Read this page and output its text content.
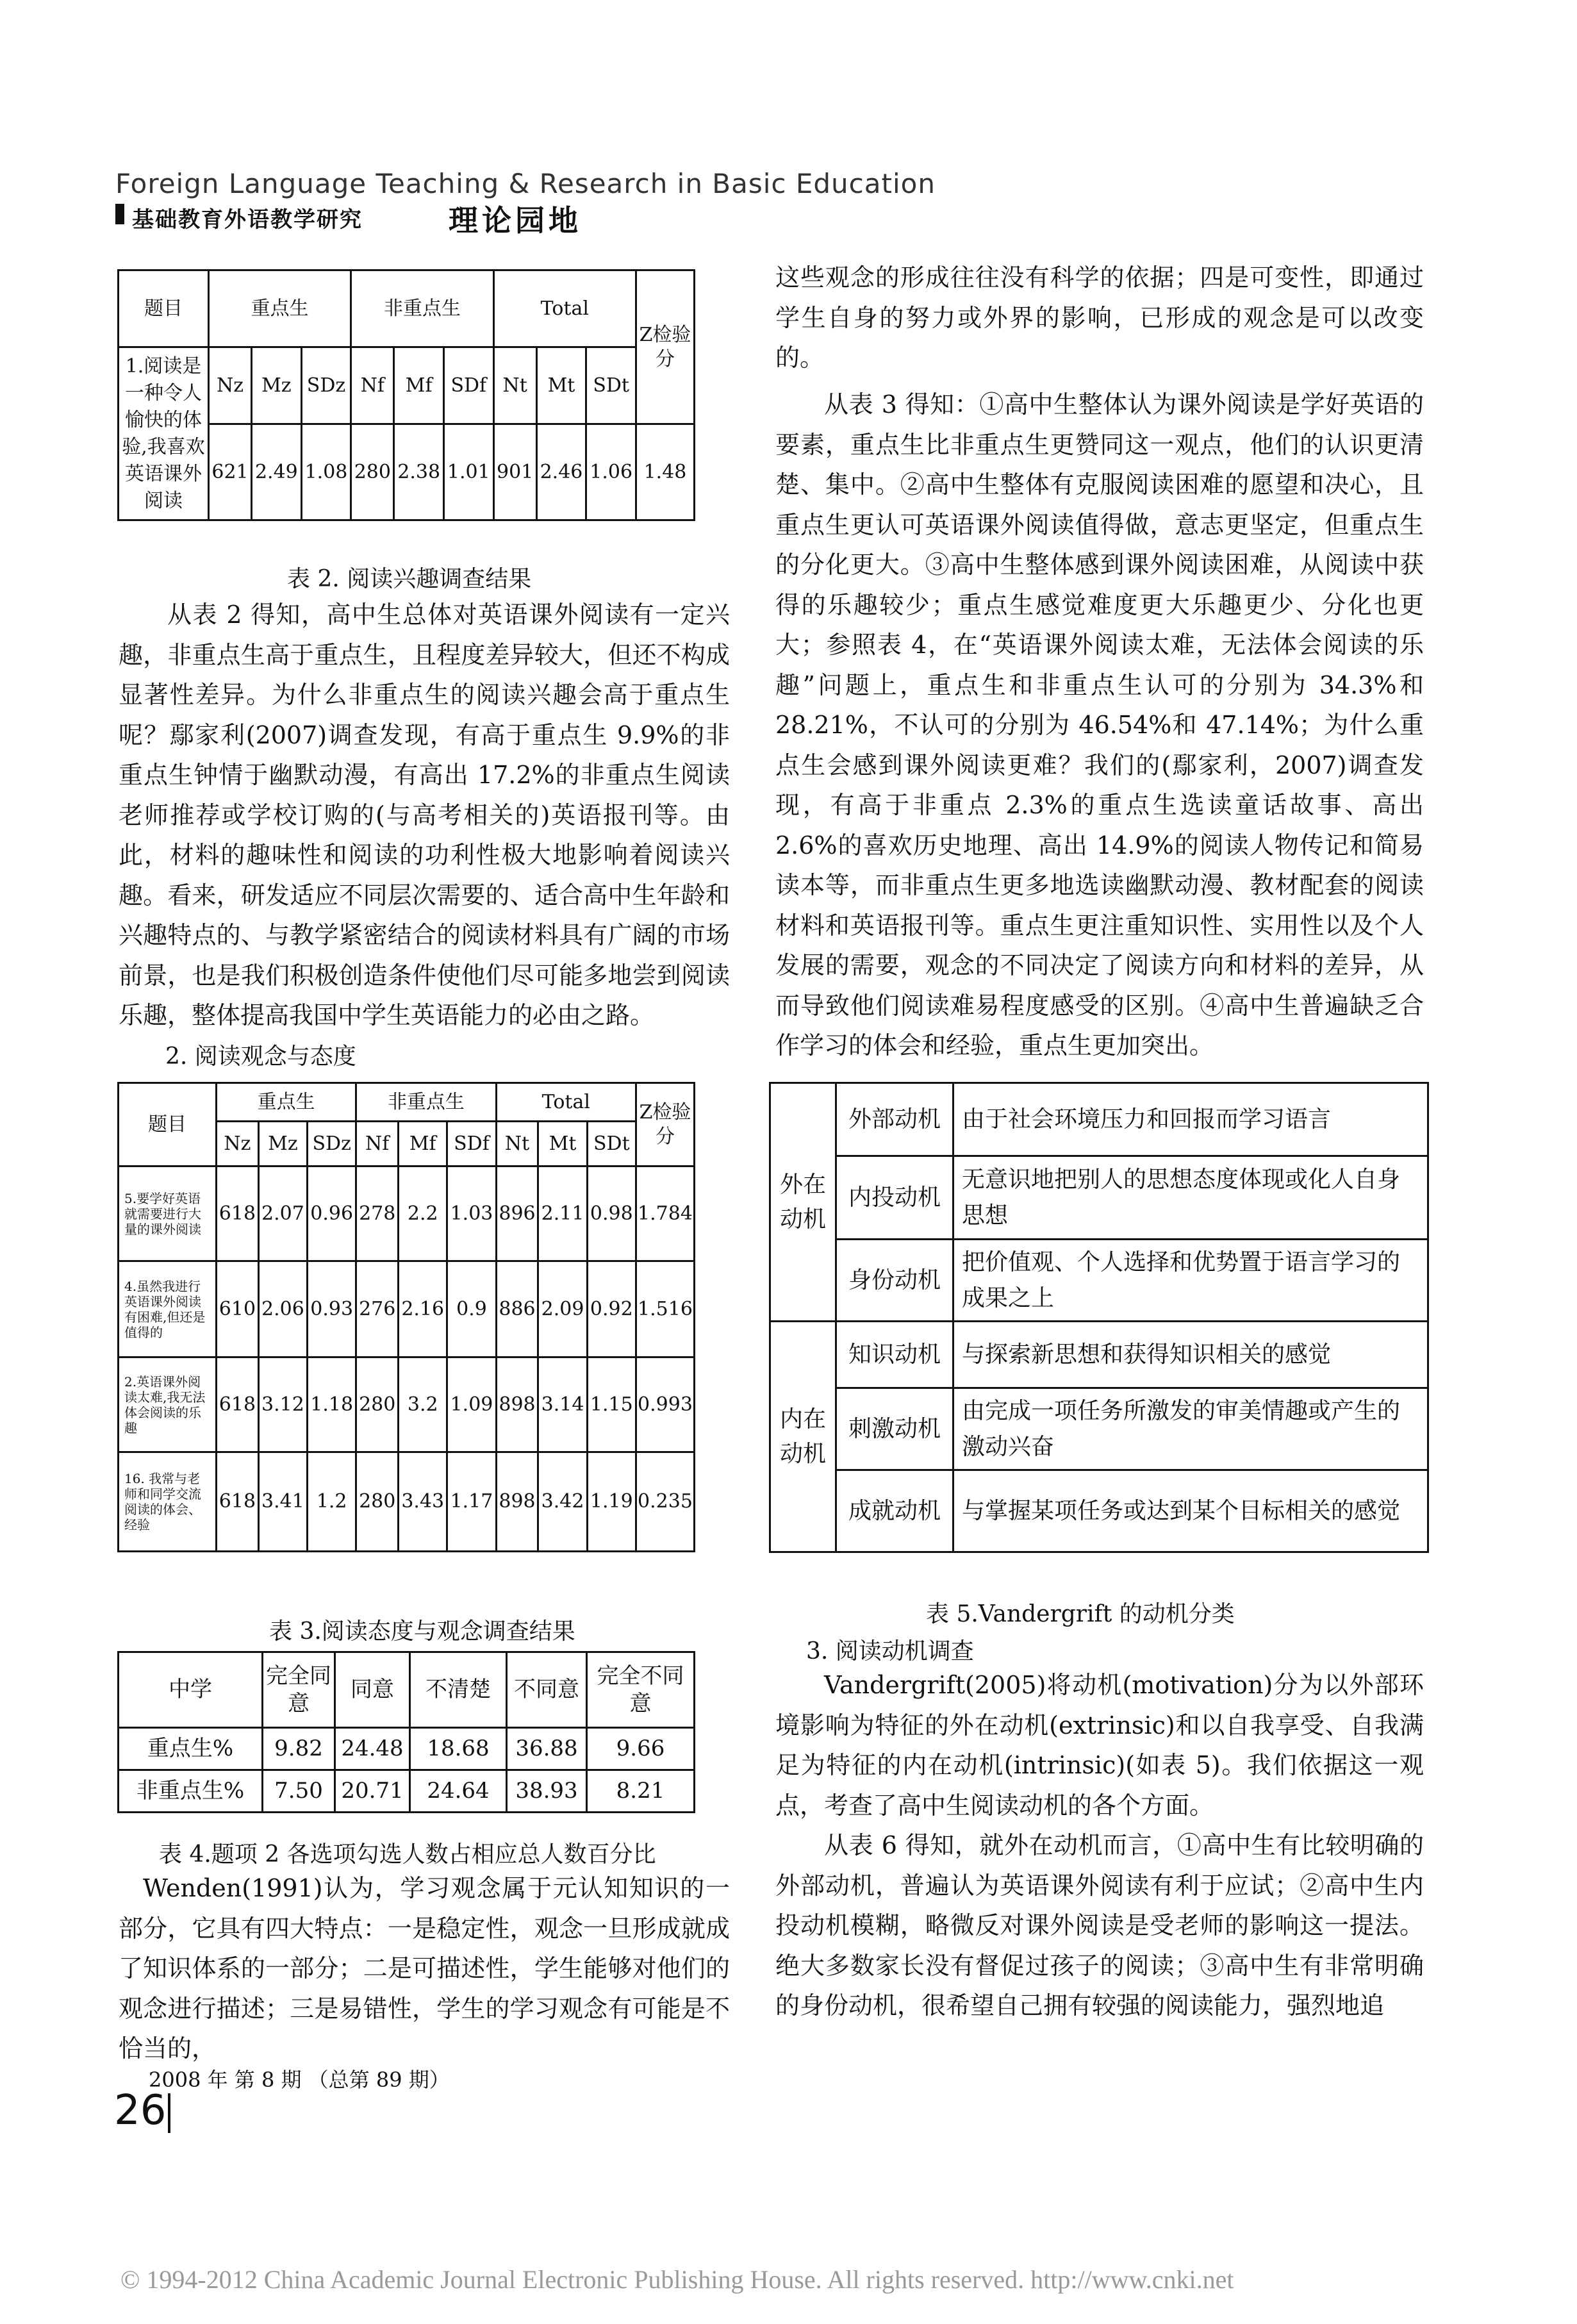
Foreign Language Teaching & Research in Basic Education
基础教育外语教学研究	理论园地
题目	重点生			非重点生			Total			Z检验分
1.阅读是一种令人愉快的体验,我喜欢英语课外阅读	Nz	Mz	SDz	Nf	Mf	SDf	Nt	Mt	SDt	
	621	2.49	1.08	280	2.38	1.01	901	2.46	1.06	1.48
表 2. 阅读兴趣调查结果

从表 2 得知，高中生总体对英语课外阅读有一定兴趣，非重点生高于重点生，且程度差异较大，但还不构成显著性差异。为什么非重点生的阅读兴趣会高于重点生呢？鄢家利(2007)调查发现，有高于重点生 9.9%的非重点生钟情于幽默动漫，有高出 17.2%的非重点生阅读老师推荐或学校订购的(与高考相关的)英语报刊等。由此，材料的趣味性和阅读的功利性极大地影响着阅读兴趣。看来，研发适应不同层次需要的、适合高中生年龄和兴趣特点的、与教学紧密结合的阅读材料具有广阔的市场前景，也是我们积极创造条件使他们尽可能多地尝到阅读乐趣，整体提高我国中学生英语能力的必由之路。

2. 阅读观念与态度
题目	重点生			非重点生			Total			Z检验分
	Nz	Mz	SDz	Nf	Mf	SDf	Nt	Mt	SDt	
5.要学好英语就需要进行大量的课外阅读	618	2.07	0.96	278	2.2	1.03	896	2.11	0.98	1.784
4.虽然我进行英语课外阅读有困难,但还是值得的	610	2.06	0.93	276	2.16	0.9	886	2.09	0.92	1.516
2.英语课外阅读太难,我无法体会阅读的乐趣	618	3.12	1.18	280	3.2	1.09	898	3.14	1.15	0.993
16. 我常与老师和同学交流阅读的体会、经验	618	3.41	1.2	280	3.43	1.17	898	3.42	1.19	0.235
表 3.阅读态度与观念调查结果
中学	完全同意	同意	不清楚	不同意	完全不同意
重点生%	9.82	24.48	18.68	36.88	9.66
非重点生%	7.50	20.71	24.64	38.93	8.21
表 4.题项 2 各选项勾选人数占相应总人数百分比

Wenden(1991)认为，学习观念属于元认知知识的一部分，它具有四大特点：一是稳定性，观念一旦形成就成了知识体系的一部分；二是可描述性，学生能够对他们的观念进行描述；三是易错性，学生的学习观念有可能是不恰当的，

这些观念的形成往往没有科学的依据；四是可变性，即通过学生自身的努力或外界的影响，已形成的观念是可以改变的。

从表 3 得知：①高中生整体认为课外阅读是学好英语的要素，重点生比非重点生更赞同这一观点，他们的认识更清楚、集中。②高中生整体有克服阅读困难的愿望和决心，且重点生更认可英语课外阅读值得做，意志更坚定，但重点生的分化更大。③高中生整体感到课外阅读困难，从阅读中获得的乐趣较少；重点生感觉难度更大乐趣更少、分化也更大；参照表 4，在“英语课外阅读太难，无法体会阅读的乐趣”问题上，重点生和非重点生认可的分别为 34.3%和 28.21%，不认可的分别为 46.54%和 47.14%；为什么重点生会感到课外阅读更难？我们的(鄢家利，2007)调查发现，有高于非重点 2.3%的重点生选读童话故事、高出 2.6%的喜欢历史地理、高出 14.9%的阅读人物传记和简易读本等，而非重点生更多地选读幽默动漫、教材配套的阅读材料和英语报刊等。重点生更注重知识性、实用性以及个人发展的需要，观念的不同决定了阅读方向和材料的差异，从而导致他们阅读难易程度感受的区别。④高中生普遍缺乏合作学习的体会和经验，重点生更加突出。

外在动机	外部动机	由于社会环境压力和回报而学习语言
	内投动机	无意识地把别人的思想态度体现或化人自身思想
	身份动机	把价值观、个人选择和优势置于语言学习的成果之上
内在动机	知识动机	与探索新思想和获得知识相关的感觉
	刺激动机	由完成一项任务所激发的审美情趣或产生的激动兴奋
	成就动机	与掌握某项任务或达到某个目标相关的感觉
表 5.Vandergrift 的动机分类
3. 阅读动机调查

Vandergrift(2005)将动机(motivation)分为以外部环境影响为特征的外在动机(extrinsic)和以自我享受、自我满足为特征的内在动机(intrinsic)(如表 5)。我们依据这一观点，考查了高中生阅读动机的各个方面。

从表 6 得知，就外在动机而言，①高中生有比较明确的外部动机，普遍认为英语课外阅读有利于应试；②高中生内投动机模糊，略微反对课外阅读是受老师的影响这一提法。绝大多数家长没有督促过孩子的阅读；③高中生有非常明确的身份动机，很希望自己拥有较强的阅读能力，强烈地追

2008 年 第 8 期 （总第 89 期）
26
© 1994-2012 China Academic Journal Electronic Publishing House. All rights reserved. http://www.cnki.net
